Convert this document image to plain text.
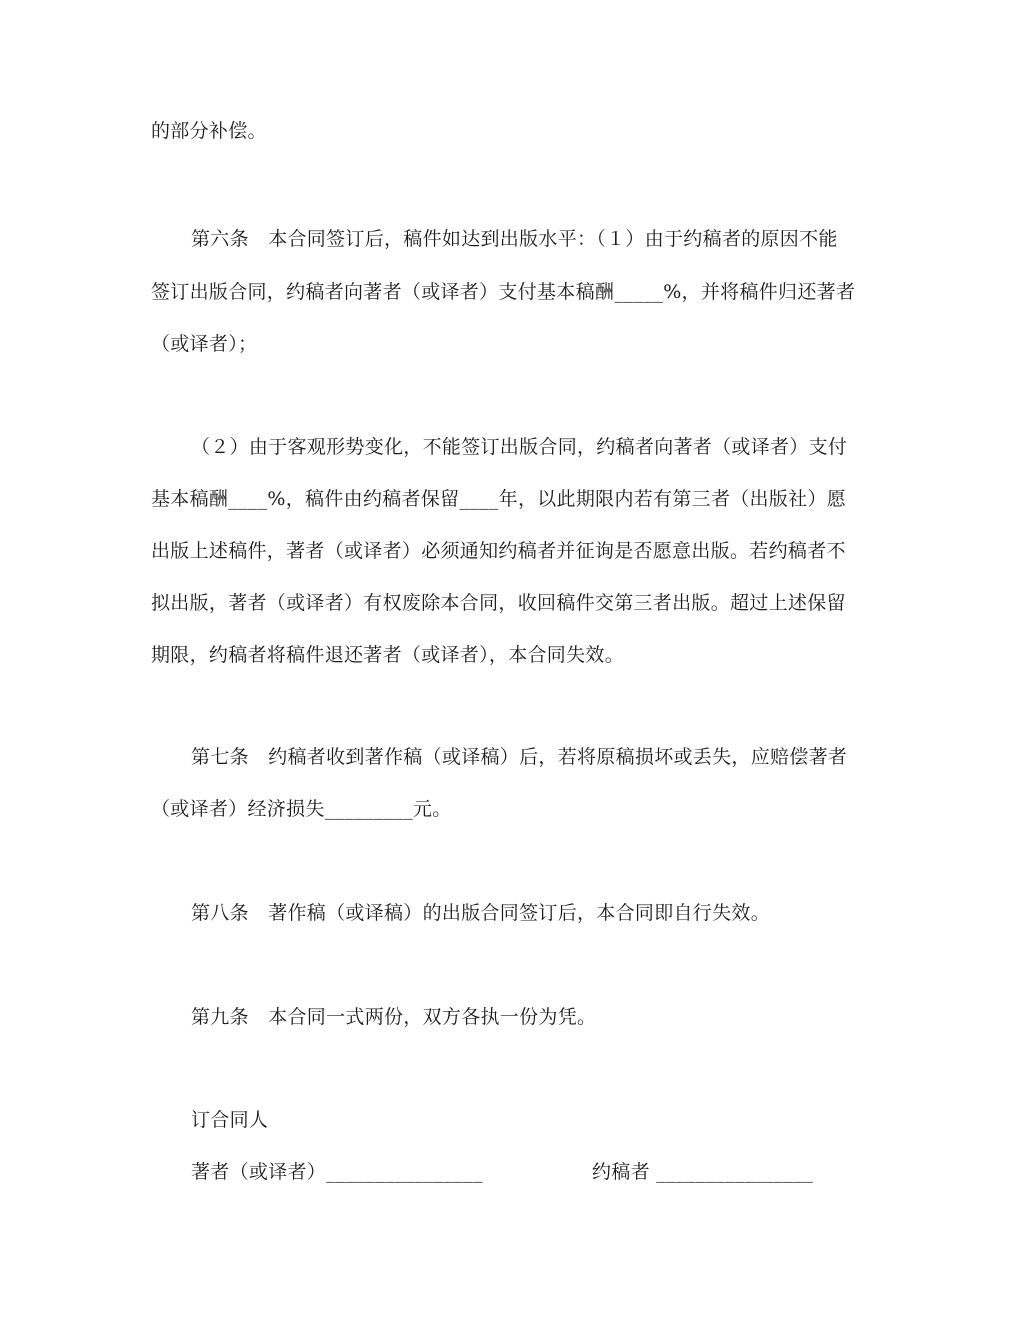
的部分补偿。
第六条　本合同签订后，稿件如达到出版水平：（１）由于约稿者的原因不能
签订出版合同，约稿者向著者（或译者）支付基本稿酬_____%，并将稿件归还著者
（或译者）；
（２）由于客观形势变化，不能签订出版合同，约稿者向著者（或译者）支付
基本稿酬____%，稿件由约稿者保留____年，以此期限内若有第三者（出版社）愿
出版上述稿件，著者（或译者）必须通知约稿者并征询是否愿意出版。若约稿者不
拟出版，著者（或译者）有权废除本合同，收回稿件交第三者出版。超过上述保留
期限，约稿者将稿件退还著者（或译者），本合同失效。
第七条　约稿者收到著作稿（或译稿）后，若将原稿损坏或丢失，应赔偿著者
（或译者）经济损失_________元。
第八条　著作稿（或译稿）的出版合同签订后，本合同即自行失效。
第九条　本合同一式两份，双方各执一份为凭。
订合同人
著者（或译者）________________	约稿者 ________________
